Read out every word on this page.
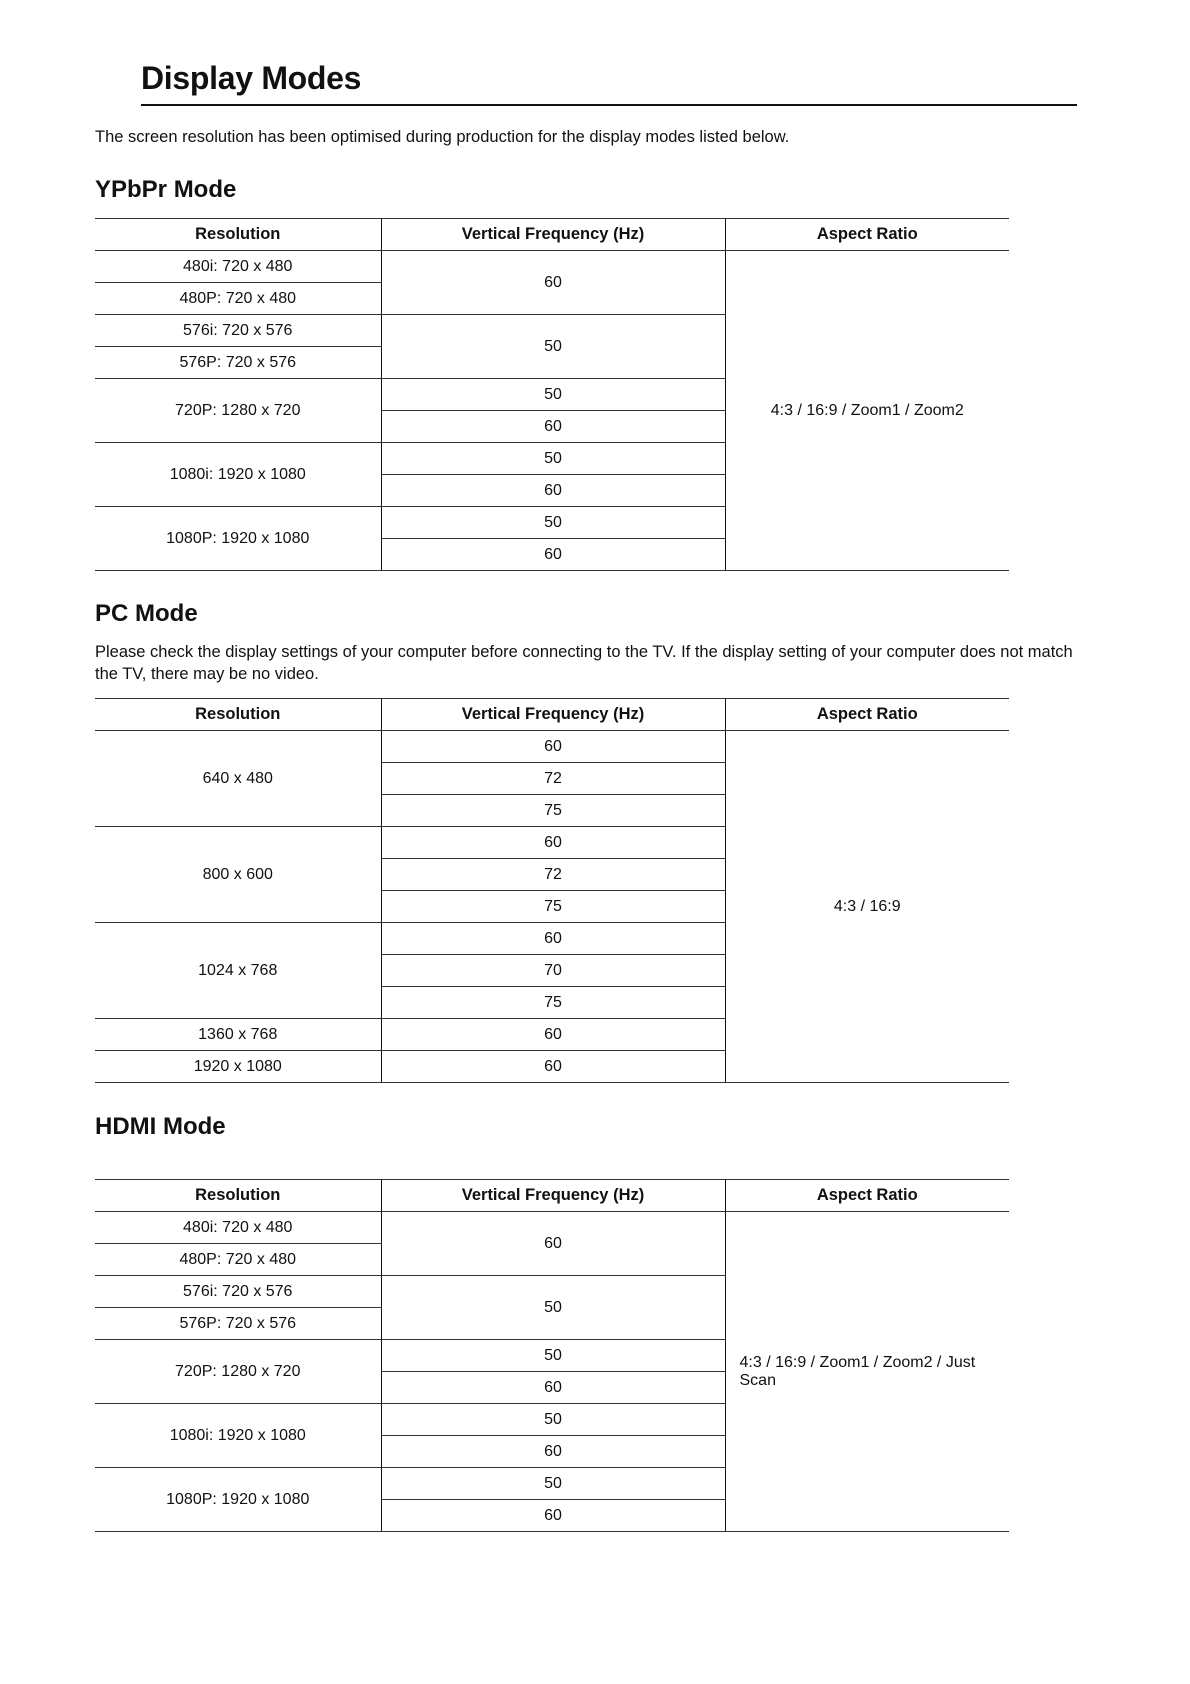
Display Modes

The screen resolution has been optimised during production for the display modes listed below.

YPbPr Mode
Resolution	Vertical Frequency (Hz)	Aspect Ratio
480i: 720 x 480	60	4:3 / 16:9 / Zoom1 / Zoom2
480P: 720 x 480		
576i: 720 x 576	50	
576P: 720 x 576		
720P: 1280 x 720	50	
	60	
1080i: 1920 x 1080	50	
	60	
1080P: 1920 x 1080	50	
	60	
PC Mode

Please check the display settings of your computer before connecting to the TV. If the display setting of your computer does not match the TV, there may be no video.

Resolution	Vertical Frequency (Hz)	Aspect Ratio
640 x 480	60	4:3 / 16:9
	72	
	75	
800 x 600	60	
	72	
	75	
1024 x 768	60	
	70	
	75	
1360 x 768	60	
1920 x 1080	60	
HDMI Mode
Resolution	Vertical Frequency (Hz)	Aspect Ratio
480i: 720 x 480	60	4:3 / 16:9 / Zoom1 / Zoom2 / Just Scan
480P: 720 x 480		
576i: 720 x 576	50	
576P: 720 x 576		
720P: 1280 x 720	50	
	60	
1080i: 1920 x 1080	50	
	60	
1080P: 1920 x 1080	50	
	60	
